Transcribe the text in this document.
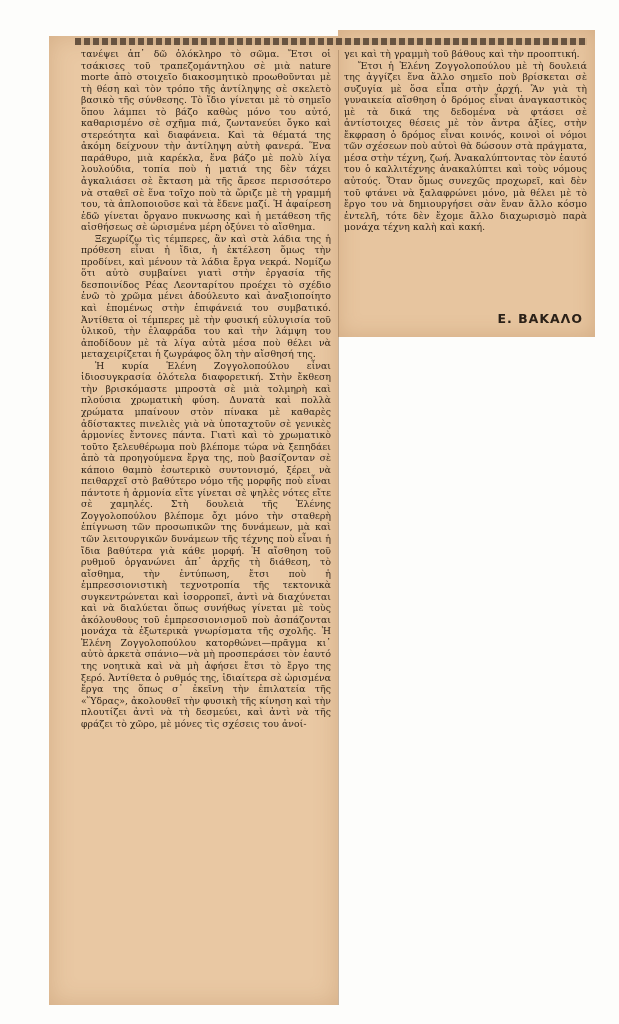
τανέψει ἀπ᾽ δῶ ὁλόκληρο τὸ σῶμα. Ἔτσι οἱ τσάκισες τοῦ τραπεζομάντηλου σὲ μιὰ nature morte ἀπὸ στοιχεῖο διακοσμητικὸ προωθοῦνται μὲ τὴ θέση καὶ τὸν τρόπο τῆς ἀντίληψης σὲ σκελετὸ βασικὸ τῆς σύνθεσης. Τὸ ἴδιο γίνεται μὲ τὸ σημεῖο ὅπου λάμπει τὸ βάζο καθὼς μόνο του αὐτό, καθαρισμένο σὲ σχῆμα πιά, ζωντανεύει ὄγκο καὶ στερεότητα καὶ διαφάνεια. Καὶ τὰ θέματά της ἀκόμη δείχνουν τὴν ἀντίληψη αὐτὴ φανερά. Ἕνα παράθυρο, μιὰ καρέκλα, ἕνα βάζο μὲ πολὺ λίγα λουλούδια, τοπία ποὺ ἡ ματιά της δὲν τάχει ἀγκαλιάσει σὲ ἔκταση μὰ τῆς ἄρεσε περισσότερο νὰ σταθεῖ σὲ ἕνα τοῖχο ποὺ τὰ ὥριζε μὲ τὴ γραμμή του, τὰ ἀπλοποιοῦσε καὶ τὰ ἔδενε μαζί. Ἡ ἀφαίρεση ἐδῶ γίνεται ὄργανο πυκνωσης καὶ ἡ μετάθεση τῆς αἰσθήσεως σὲ ὡρισμένα μέρη ὀξύνει τὸ αἴσθημα.

Ξεχωρίζω τὶς τέμπερες, ἂν καὶ στὰ λάδια της ἡ πρόθεση εἶναι ἡ ἴδια, ἡ ἐκτέλεση ὅμως τὴν προδίνει, καὶ μένουν τὰ λάδια ἔργα νεκρά. Νομίζω ὅτι αὐτὸ συμβαίνει γιατὶ στὴν ἐργασία τῆς δεσποινίδος Ρέας Λεονταρίτου προέχει τὸ σχέδιο ἐνῶ τὸ χρῶμα μένει ἀδούλευτο καὶ ἀναξιοποίητο καὶ ἑπομένως στὴν ἐπιφάνειά του συμβατικό. Ἀντίθετα οἱ τέμπερες μὲ τὴν φυσική εὐλυγισία τοῦ ὑλικοῦ, τὴν ἐλαφράδα του καὶ τὴν λάμψη του ἀποδίδουν μὲ τὰ λίγα αὐτὰ μέσα ποὺ θέλει νὰ μεταχειρίζεται ἡ ζωγράφος ὅλη τὴν αἴσθησή της.

Ἡ κυρία Ἑλένη Ζογγολοπούλου εἶναι ἰδιοσυγκρασία ὁλότελα διαφορετική. Στὴν ἔκθεση τὴν βρισκόμαστε μπροστὰ σὲ μιὰ τολμηρὴ καὶ πλούσια χρωματικὴ φύση. Δυνατὰ καὶ πολλὰ χρώματα μπαίνουν στὸν πίνακα μὲ καθαρὲς ἀδίστακτες πινελιὲς γιὰ νὰ ὑποταχτοῦν σὲ γενικὲς ἁρμονίες ἔντονες πάντα. Γιατὶ καὶ τὸ χρωματικὸ τοῦτο ξελευθέρωμα ποὺ βλέπομε τώρα νὰ ξεπηδάει ἀπὸ τὰ προηγούμενα ἔργα της, ποὺ βασίζονταν σὲ κάποιο θαμπὸ ἐσωτερικὸ συντονισμό, ξέρει νὰ πειθαρχεῖ στὸ βαθύτερο νόμο τῆς μορφῆς ποὺ εἶναι πάντοτε ἡ ἁρμονία εἴτε γίνεται σὲ ψηλὲς νότες εἴτε σὲ χαμηλές. Στὴ δουλειὰ τῆς Ἑλένης Ζογγολοπούλου βλέπομε ὄχι μόνο τὴν σταθερὴ ἐπίγνωση τῶν προσωπικῶν της δυνάμεων, μὰ καὶ τῶν λειτουργικῶν δυνάμεων τῆς τέχνης ποὺ εἶναι ἡ ἴδια βαθύτερα γιὰ κάθε μορφή. Ἡ αἴσθηση τοῦ ρυθμοῦ ὀργανώνει ἀπ᾽ ἀρχῆς τὴ διάθεση, τὸ αἴσθημα, τὴν ἐντύπωση, ἔτσι ποὺ ἡ ἐμπρεσσιονιστικὴ τεχνοτροπία τῆς τεκτονικὰ συγκεντρώνεται καὶ ἰσορροπεῖ, ἀντὶ νὰ διαχύνεται καὶ νὰ διαλύεται ὅπως συνήθως γίνεται μὲ τοὺς ἀκόλουθους τοῦ ἐμπρεσσιονισμοῦ ποὺ ἀσπάζονται μονάχα τὰ ἐξωτερικὰ γνωρίσματα τῆς σχολῆς. Ἡ Ἑλένη Ζογγολοπούλου κατορθώνει—πρᾶγμα κι᾽ αὐτὸ ἀρκετὰ σπάνιο—νὰ μὴ προσπεράσει τὸν ἑαυτό της νοητικὰ καὶ νὰ μὴ ἀφήσει ἔτσι τὸ ἔργο της ξερό. Ἀντίθετα ὁ ρυθμός της, ἰδιαίτερα σὲ ὡρισμένα ἔργα της ὅπως σ᾽ ἐκεῖνη τὴν ἐπιλατεία τῆς «Ὕδρας», ἀκολουθεῖ τὴν φυσικὴ τῆς κίνηση καὶ τὴν πλουτίζει ἀντὶ νὰ τὴ δεσμεύει, καὶ ἀντὶ νὰ τῆς φράζει τὸ χῶρο, μὲ μόνες τὶς σχέσεις του ἀνοί-

γει καὶ τὴ γραμμὴ τοῦ βάθους καὶ τὴν προοπτική.

Ἔτσι ἡ Ἑλένη Ζογγολοπούλου μὲ τὴ δουλειά της ἀγγίζει ἕνα ἄλλο σημεῖο ποὺ βρίσκεται σὲ συζυγία μὲ ὅσα εἶπα στὴν ἀρχή. Ἂν γιὰ τὴ γυναικεία αἴσθηση ὁ δρόμος εἶναι ἀναγκαστικὸς μὲ τὰ δικά της δεδομένα νὰ φτάσει σὲ ἀντίστοιχες θέσεις μὲ τὸν ἄντρα ἀξίες, στὴν ἔκφραση ὁ δρόμος εἶναι κοινός, κοινοὶ οἱ νόμοι τῶν σχέσεων ποὺ αὐτοὶ θὰ δώσουν στὰ πράγματα, μέσα στὴν τέχνη, ζωή. Ἀνακαλύπτοντας τὸν ἑαυτό του ὁ καλλιτέχνης ἀνακαλύπτει καὶ τοὺς νόμους αὐτούς. Ὅταν ὅμως συνεχῶς προχωρεῖ, καὶ δὲν τοῦ φτάνει νὰ ξαλαφρώνει μόνο, μὰ θέλει μὲ τὸ ἔργο του νὰ δημιουργήσει σὰν ἕναν ἄλλο κόσμο ἐντελῆ, τότε δὲν ἔχομε ἄλλο διαχωρισμὸ παρὰ μονάχα τέχνη καλὴ καὶ κακή.

Ε. ΒΑΚΑΛΟ
